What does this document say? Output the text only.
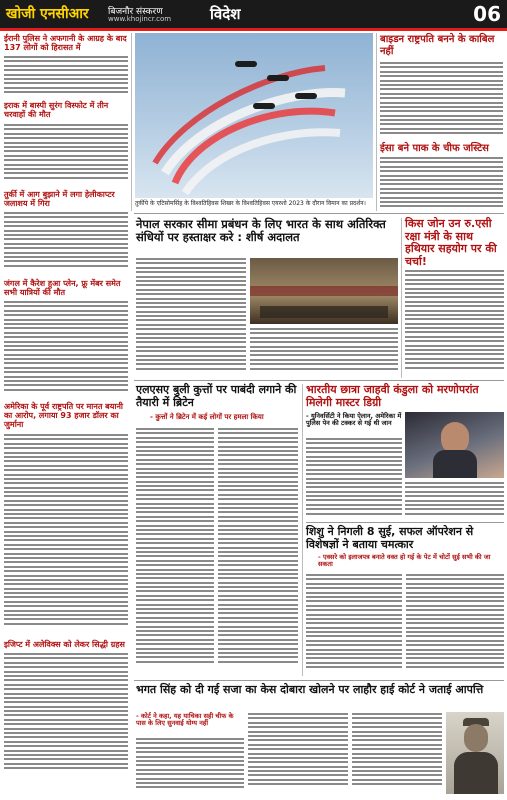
खोजी एनसीआर बिजनौर संस्करण
www.khojincr.com	विदेश	06
ईरानी पुलिस ने अफगानी के आग्रह के बाद 137 लोगों को हिरासत में
इराक में बास्पी सुरंग विस्फोट में तीन चरवाहों की मौत
तुर्की में आग बुझाने में लगा हेलीकाप्टर जलाशय में गिरा
जंगल में कैरेश हुआ प्लेन, फ्रू मेंबर समेत सभी यात्रियों की मौत
अमेरिका के पूर्व राष्ट्रपति पर मानत बयानी का आरोप, लगाया 93 हजार डॉलर का जुर्माना
इजिप्ट में अलेविक्स को लेकर सिद्धी ग्रहस
तुर्कीये के एटिसोमसिंह के विश्वतिहिवस शिखर के विश्वतिहिवस एयरशो 2023 के दौरान विमान का प्रदर्शन।
बाइडन राष्ट्रपति बनने के काबिल नहीं
ईसा बने पाक के चीफ जस्टिस
नेपाल सरकार सीमा प्रबंधन के लिए भारत के साथ अतिरिक्त संधियों पर हस्ताक्षर करे : शीर्ष अदालत
किस जोन उन रु.एसी रक्षा मंत्री के साथ हथियार सहयोग पर की चर्चा!
एलएसए बुली कुत्तों पर पाबंदी लगाने की तैयारी में ब्रिटेन
- कुत्तों ने ब्रिटेन में कई लोगों पर हमला किया
भारतीय छात्रा जाहवी कंडुला को मरणोपरांत मिलेगी मास्टर डिग्री
- युनिवर्सिटी ने किया ऐलान, अमेरिका में पुलिस पेन की टक्कर से गई थी जान
शिशु ने निगली 8 सुई, सफल ऑपरेशन से विशेषज्ञों ने बताया चमत्कार
- एक्सरे को इलाजपत्र बनाते वक्त हो गई के पेट में चोटों सुई सभी की जा सकता
भगत सिंह को दी गई सजा का केस दोबारा खोलने पर लाहौर हाई कोर्ट ने जताई आपत्ति
- कोर्ट ने कहा, यह याचिका सही चीफ के पास के लिए सुनवाई योग्य नहीं
